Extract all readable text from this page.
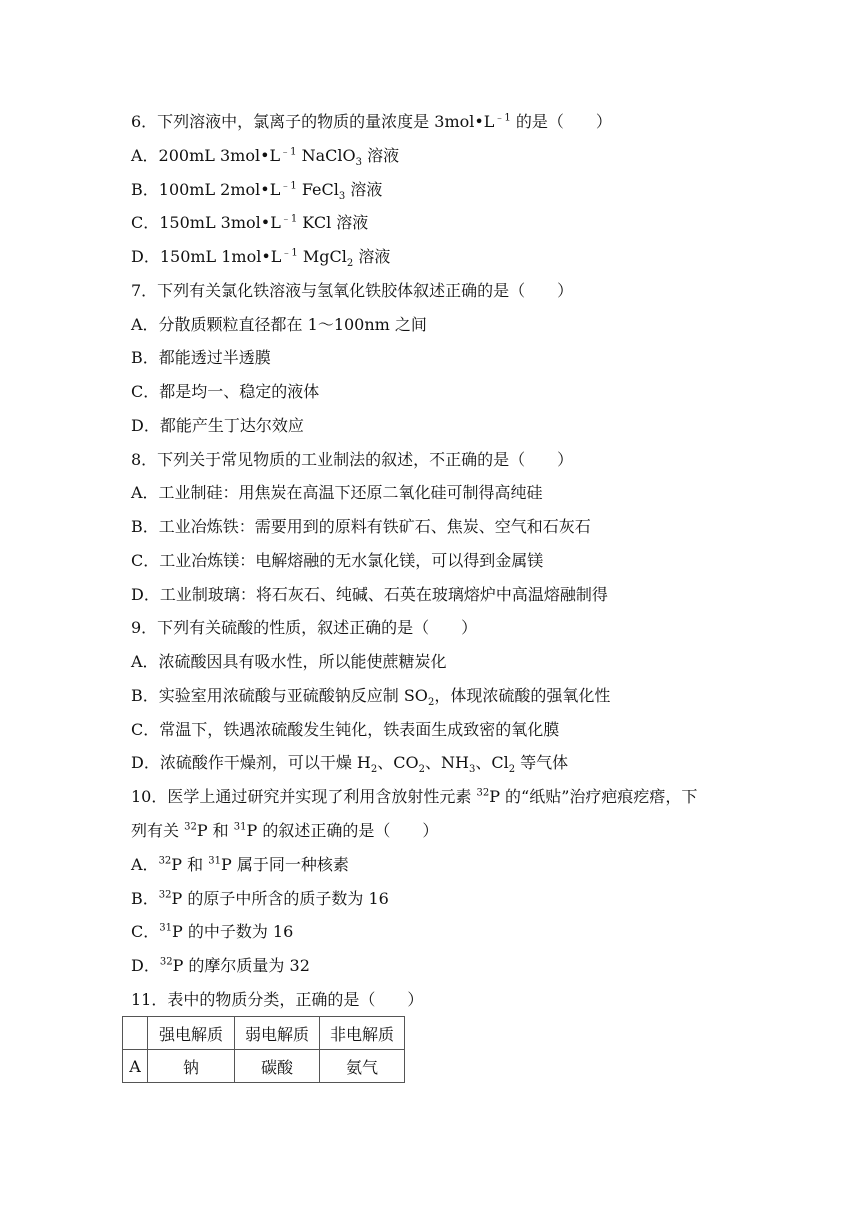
6．下列溶液中，氯离子的物质的量浓度是 $3mol•L^{﹣1}$ 的是（　　）
A．200mL $3mol•L^{﹣1}$ NaClO$_3$ 溶液
B．100mL $2mol•L^{﹣1}$ FeCl$_3$ 溶液
C．150mL $3mol•L^{﹣1}$ KCl 溶液
D．150mL $1mol•L^{﹣1}$ MgCl$_2$ 溶液
7．下列有关氯化铁溶液与氢氧化铁胶体叙述正确的是（　　）
A．分散质颗粒直径都在 1～100nm 之间
B．都能透过半透膜
C．都是均一、稳定的液体
D．都能产生丁达尔效应
8．下列关于常见物质的工业制法的叙述，不正确的是（　　）
A．工业制硅：用焦炭在高温下还原二氧化硅可制得高纯硅
B．工业冶炼铁：需要用到的原料有铁矿石、焦炭、空气和石灰石
C．工业冶炼镁：电解熔融的无水氯化镁，可以得到金属镁
D．工业制玻璃：将石灰石、纯碱、石英在玻璃熔炉中高温熔融制得
9．下列有关硫酸的性质，叙述正确的是（　　）
A．浓硫酸因具有吸水性，所以能使蔗糖炭化
B．实验室用浓硫酸与亚硫酸钠反应制 $SO_2$，体现浓硫酸的强氧化性
C．常温下，铁遇浓硫酸发生钝化，铁表面生成致密的氧化膜
D．浓硫酸作干燥剂，可以干燥 $H_2$、$CO_2$、$NH_3$、$Cl_2$ 等气体
10．医学上通过研究并实现了利用含放射性元素 $^{32}$P 的“纸贴”治疗疤痕疙瘩，下
列有关 $^{32}$P 和 $^{31}$P 的叙述正确的是（　　）
A．$^{32}$P 和 $^{31}$P 属于同一种核素
B．$^{32}$P 的原子中所含的质子数为 16
C．$^{31}$P 的中子数为 16
D．$^{32}$P 的摩尔质量为 32
11．表中的物质分类，正确的是（　　）
	强电解质	弱电解质	非电解质
A	钠	碳酸	氨气
